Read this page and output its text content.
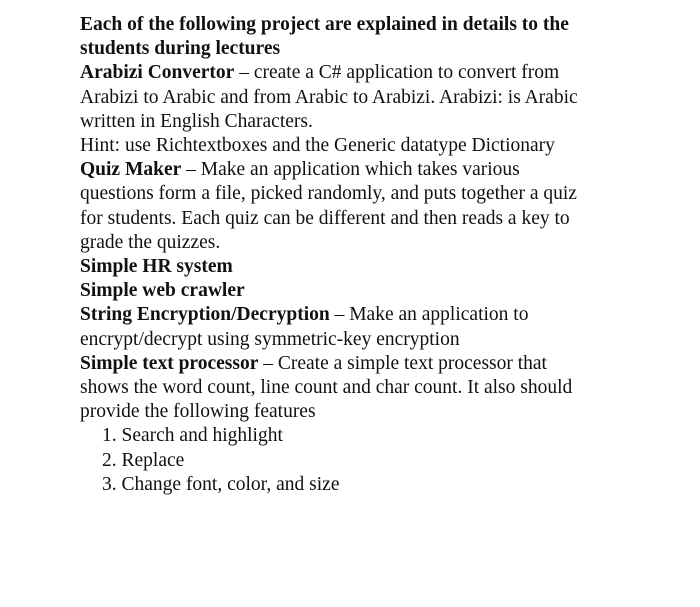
Each of the following project are explained in details to the
students during lectures
Arabizi Convertor – create a C# application to convert from
Arabizi to Arabic and from Arabic to Arabizi. Arabizi: is Arabic
written in English Characters.
Hint: use Richtextboxes and the Generic datatype Dictionary
Quiz Maker – Make an application which takes various
questions form a file, picked randomly, and puts together a quiz
for students. Each quiz can be different and then reads a key to
grade the quizzes.
Simple HR system
Simple web crawler
String Encryption/Decryption – Make an application to
encrypt/decrypt using symmetric-key encryption
Simple text processor – Create a simple text processor that
shows the word count, line count and char count. It also should
provide the following features
1. Search and highlight
2. Replace
3. Change font, color, and size
